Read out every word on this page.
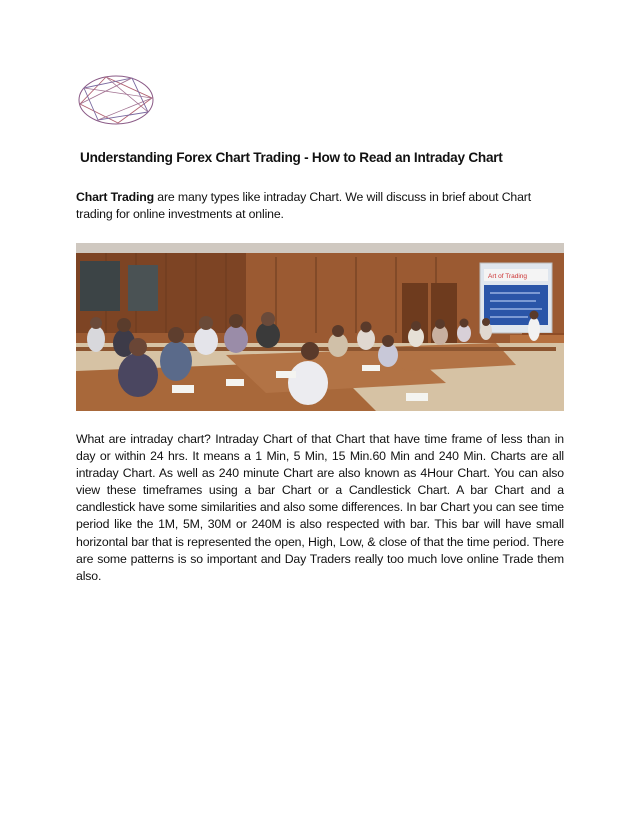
Understanding Forex Chart Trading - How to Read an Intraday Chart
Chart Trading are many types like intraday Chart. We will discuss in brief about Chart trading for online investments at online.
Art of Trading
What are intraday chart? Intraday Chart of that Chart that have time frame of less than in day or within 24 hrs. It means a 1 Min, 5 Min, 15 Min.60 Min and 240 Min. Charts are all intraday Chart. As well as 240 minute Chart are also known as 4Hour Chart. You can also view these timeframes using a bar Chart or a Candlestick Chart. A bar Chart and a candlestick have some similarities and also some differences. In bar Chart you can see time period like the 1M, 5M, 30M or 240M is also respected with bar. This bar will have small horizontal bar that is represented the open, High, Low, & close of that the time period. There are some patterns is so important and Day Traders really too much love online Trade them also.
